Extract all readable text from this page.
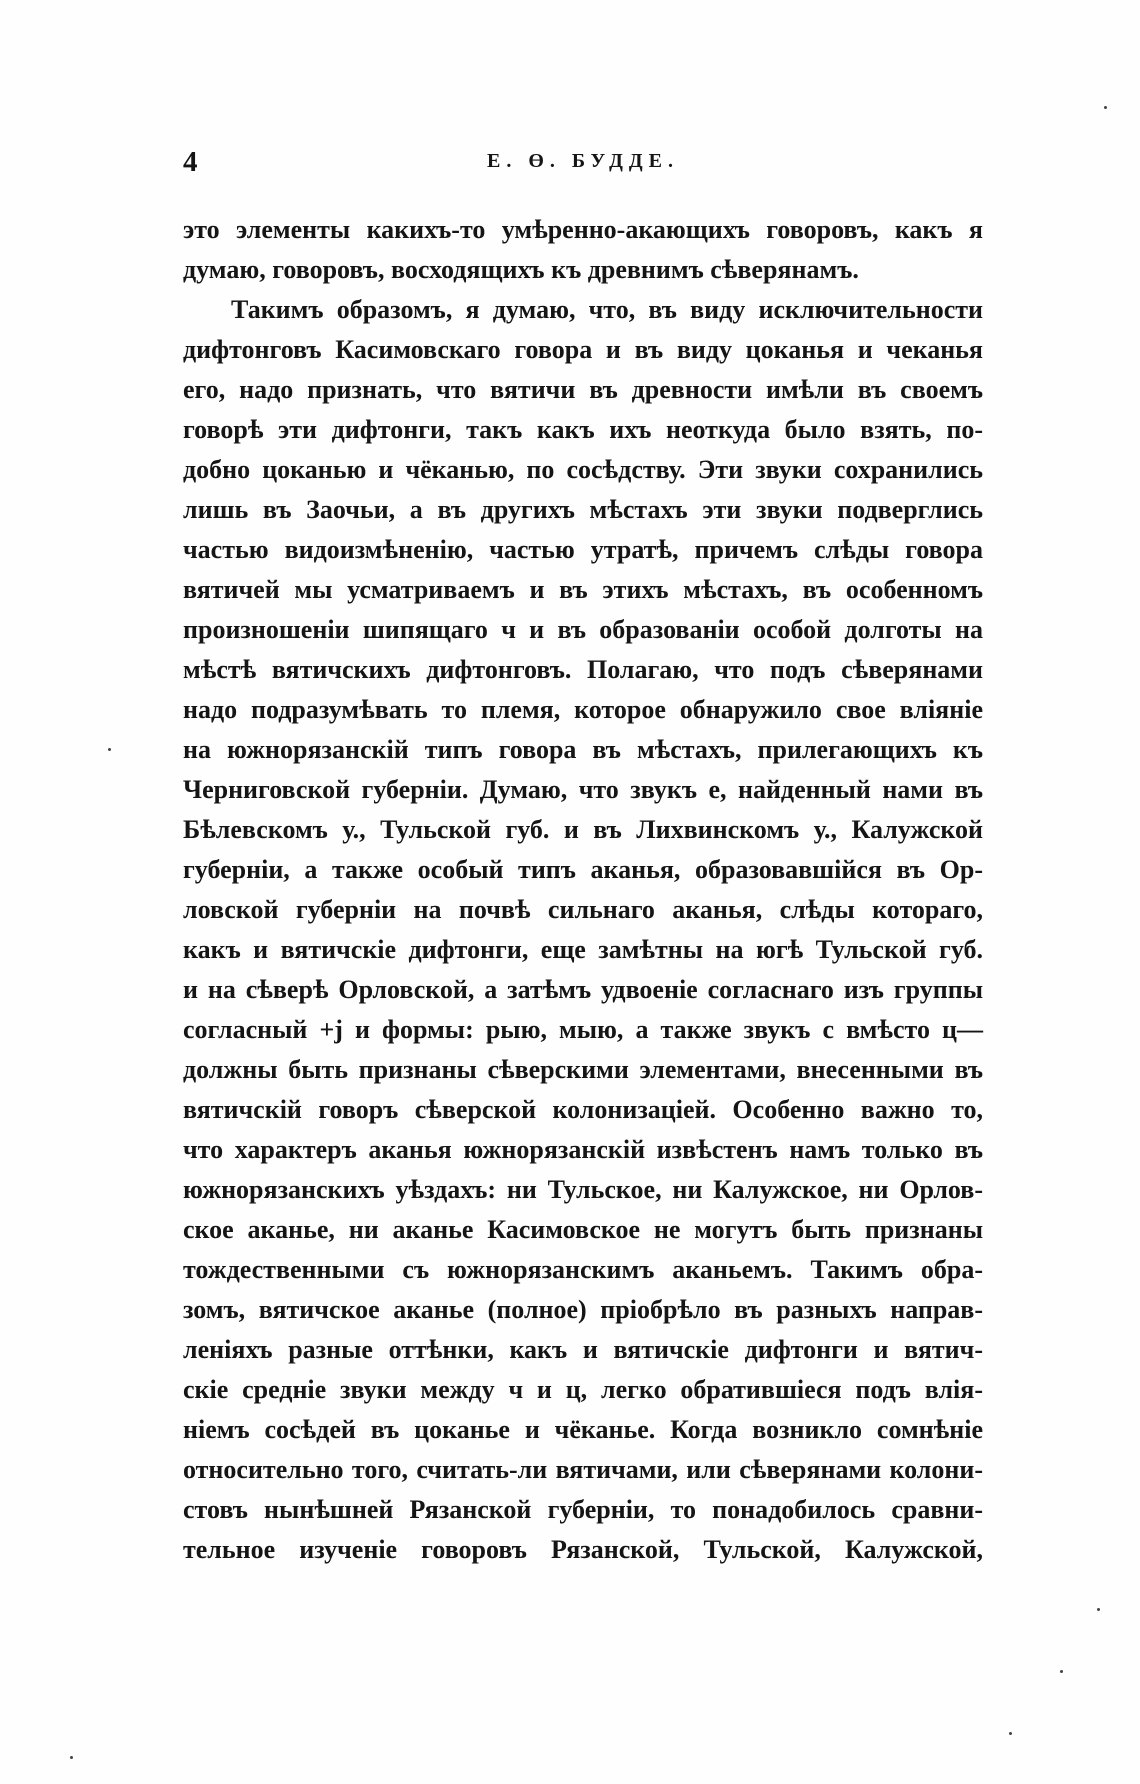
4	Е. Ө. БУДДЕ.
это элементы какихъ-то умѣренно-акающихъ говоровъ, какъ я
думаю, говоровъ, восходящихъ къ древнимъ сѣверянамъ.
Такимъ образомъ, я думаю, что, въ виду исключительности
дифтонговъ Касимовскаго говора и въ виду цоканья и чеканья
его, надо признать, что вятичи въ древности имѣли въ своемъ
говорѣ эти дифтонги, такъ какъ ихъ неоткуда было взять, по-
добно цоканью и чёканью, по сосѣдству. Эти звуки сохранились
лишь въ Заочьи, а въ другихъ мѣстахъ эти звуки подверглись
частью видоизмѣненію, частью утратѣ, причемъ слѣды говора
вятичей мы усматриваемъ и въ этихъ мѣстахъ, въ особенномъ
произношеніи шипящаго ч и въ образованіи особой долготы на
мѣстѣ вятичскихъ дифтонговъ. Полагаю, что подъ сѣверянами
надо подразумѣвать то племя, которое обнаружило свое вліяніе
на южнорязанскій типъ говора въ мѣстахъ, прилегающихъ къ
Черниговской губерніи. Думаю, что звукъ е, найденный нами въ
Бѣлевскомъ у., Тульской губ. и въ Лихвинскомъ у., Калужской
губерніи, а также особый типъ аканья, образовавшійся въ Ор-
ловской губерніи на почвѣ сильнаго аканья, слѣды котораго,
какъ и вятичскіе дифтонги, еще замѣтны на югѣ Тульской губ.
и на сѣверѣ Орловской, а затѣмъ удвоеніе согласнаго изъ группы
согласный +j и формы: рыю, мыю, а также звукъ с вмѣсто ц—
должны быть признаны сѣверскими элементами, внесенными въ
вятичскій говоръ сѣверской колонизаціей. Особенно важно то,
что характеръ аканья южнорязанскій извѣстенъ намъ только въ
южнорязанскихъ уѣздахъ: ни Тульское, ни Калужское, ни Орлов-
ское аканье, ни аканье Касимовское не могутъ быть признаны
тождественными съ южнорязанскимъ аканьемъ. Такимъ обра-
зомъ, вятичское аканье (полное) пріобрѣло въ разныхъ направ-
леніяхъ разные оттѣнки, какъ и вятичскіе дифтонги и вятич-
скіе средніе звуки между ч и ц, легко обратившіеся подъ влія-
ніемъ сосѣдей въ цоканье и чёканье. Когда возникло сомнѣніе
относительно того, считать-ли вятичами, или сѣверянами колони-
стовъ нынѣшней Рязанской губерніи, то понадобилось сравни-
тельное изученіе говоровъ Рязанской, Тульской, Калужской,
